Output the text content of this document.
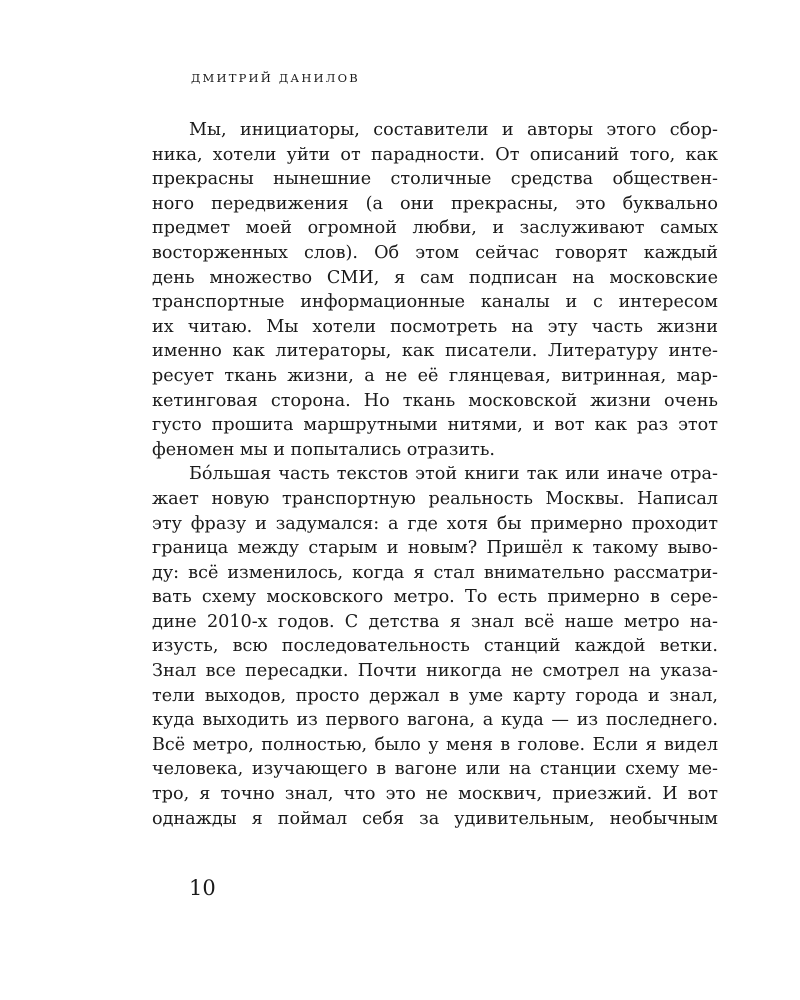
ДМИТРИЙ ДАНИЛОВ
Мы, инициаторы, составители и авторы этого сбор-
ника, хотели уйти от парадности. От описаний того, как
прекрасны нынешние столичные средства обществен-
ного передвижения (а они прекрасны, это буквально
предмет моей огромной любви, и заслуживают самых
восторженных слов). Об этом сейчас говорят каждый
день множество СМИ, я сам подписан на московские
транспортные информационные каналы и с интересом
их читаю. Мы хотели посмотреть на эту часть жизни
именно как литераторы, как писатели. Литературу инте-
ресует ткань жизни, а не её глянцевая, витринная, мар-
кетинговая сторона. Но ткань московской жизни очень
густо прошита маршрутными нитями, и вот как раз этот
феномен мы и попытались отразить.
Бóльшая часть текстов этой книги так или иначе отра-
жает новую транспортную реальность Москвы. Написал
эту фразу и задумался: а где хотя бы примерно проходит
граница между старым и новым? Пришёл к такому выво-
ду: всё изменилось, когда я стал внимательно рассматри-
вать схему московского метро. То есть примерно в сере-
дине 2010-х годов. С детства я знал всё наше метро на-
изусть, всю последовательность станций каждой ветки.
Знал все пересадки. Почти никогда не смотрел на указа-
тели выходов, просто держал в уме карту города и знал,
куда выходить из первого вагона, а куда — из последнего.
Всё метро, полностью, было у меня в голове. Если я видел
человека, изучающего в вагоне или на станции схему ме-
тро, я точно знал, что это не москвич, приезжий. И вот
однажды я поймал себя за удивительным, необычным
10
